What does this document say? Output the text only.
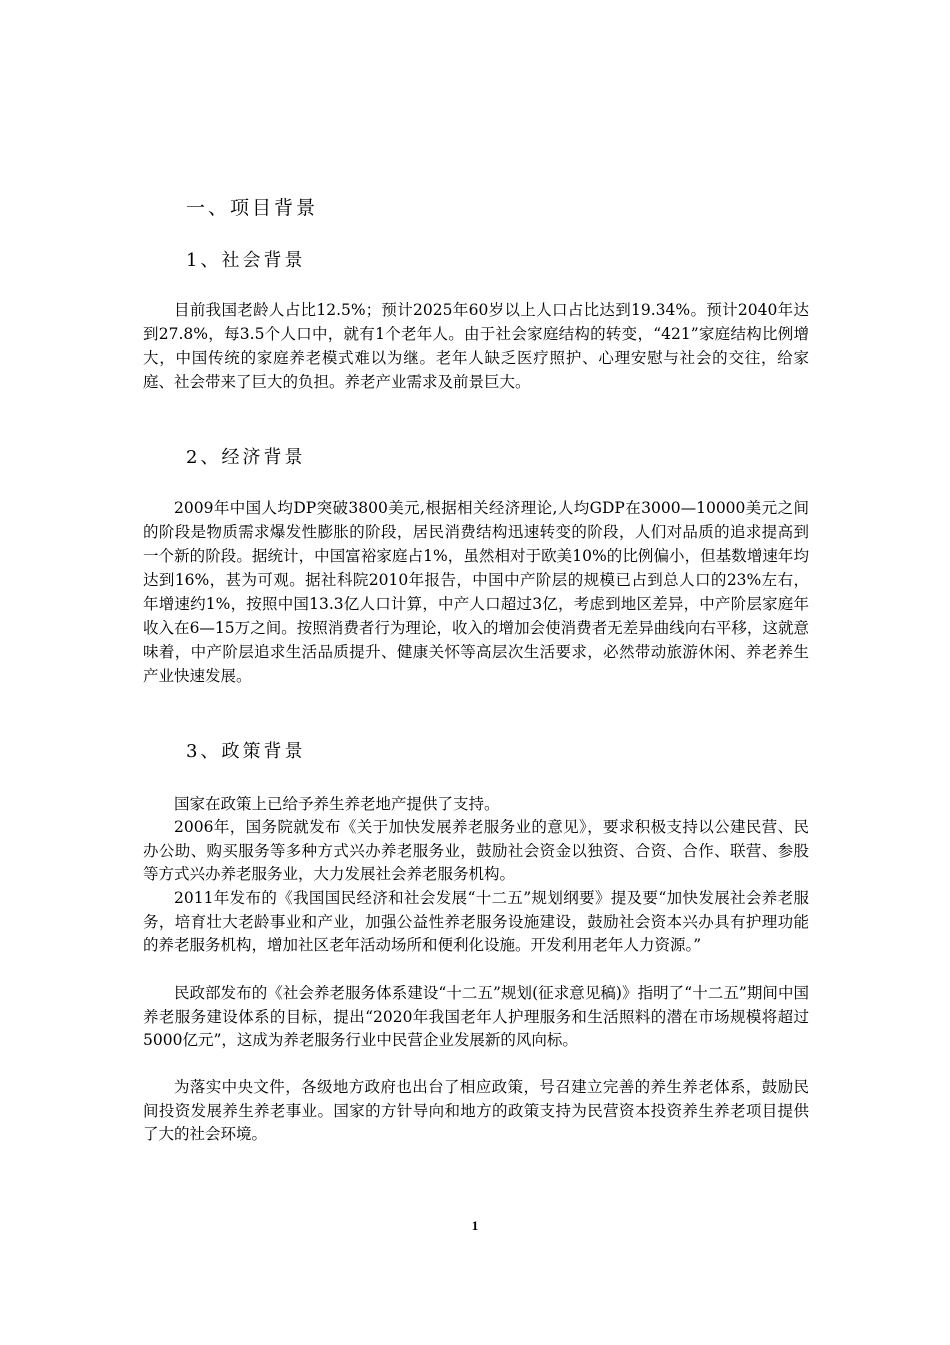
一、项目背景
1、社会背景

目前我国老龄人占比12.5%；预计2025年60岁以上人口占比达到19.34%。预计2040年达到27.8%，每3.5个人口中，就有1个老年人。由于社会家庭结构的转变，“421”家庭结构比例增大，中国传统的家庭养老模式难以为继。老年人缺乏医疗照护、心理安慰与社会的交往，给家庭、社会带来了巨大的负担。养老产业需求及前景巨大。

2、经济背景

2009年中国人均DP突破3800美元,根据相关经济理论,人均GDP在3000—10000美元之间的阶段是物质需求爆发性膨胀的阶段，居民消费结构迅速转变的阶段，人们对品质的追求提高到一个新的阶段。据统计，中国富裕家庭占1%，虽然相对于欧美10%的比例偏小，但基数增速年均达到16%，甚为可观。据社科院2010年报告，中国中产阶层的规模已占到总人口的23%左右，年增速约1%，按照中国13.3亿人口计算，中产人口超过3亿，考虑到地区差异，中产阶层家庭年收入在6—15万之间。按照消费者行为理论，收入的增加会使消费者无差异曲线向右平移，这就意味着，中产阶层追求生活品质提升、健康关怀等高层次生活要求，必然带动旅游休闲、养老养生产业快速发展。

3、政策背景

国家在政策上已给予养生养老地产提供了支持。

2006年，国务院就发布《关于加快发展养老服务业的意见》，要求积极支持以公建民营、民办公助、购买服务等多种方式兴办养老服务业，鼓励社会资金以独资、合资、合作、联营、参股等方式兴办养老服务业，大力发展社会养老服务机构。

2011年发布的《我国国民经济和社会发展“十二五”规划纲要》提及要“加快发展社会养老服务，培育壮大老龄事业和产业，加强公益性养老服务设施建设，鼓励社会资本兴办具有护理功能的养老服务机构，增加社区老年活动场所和便利化设施。开发利用老年人力资源。”

民政部发布的《社会养老服务体系建设“十二五”规划(征求意见稿)》指明了“十二五”期间中国养老服务建设体系的目标，提出“2020年我国老年人护理服务和生活照料的潜在市场规模将超过5000亿元”，这成为养老服务行业中民营企业发展新的风向标。

为落实中央文件，各级地方政府也出台了相应政策，号召建立完善的养生养老体系，鼓励民间投资发展养生养老事业。国家的方针导向和地方的政策支持为民营资本投资养生养老项目提供了大的社会环境。

1
